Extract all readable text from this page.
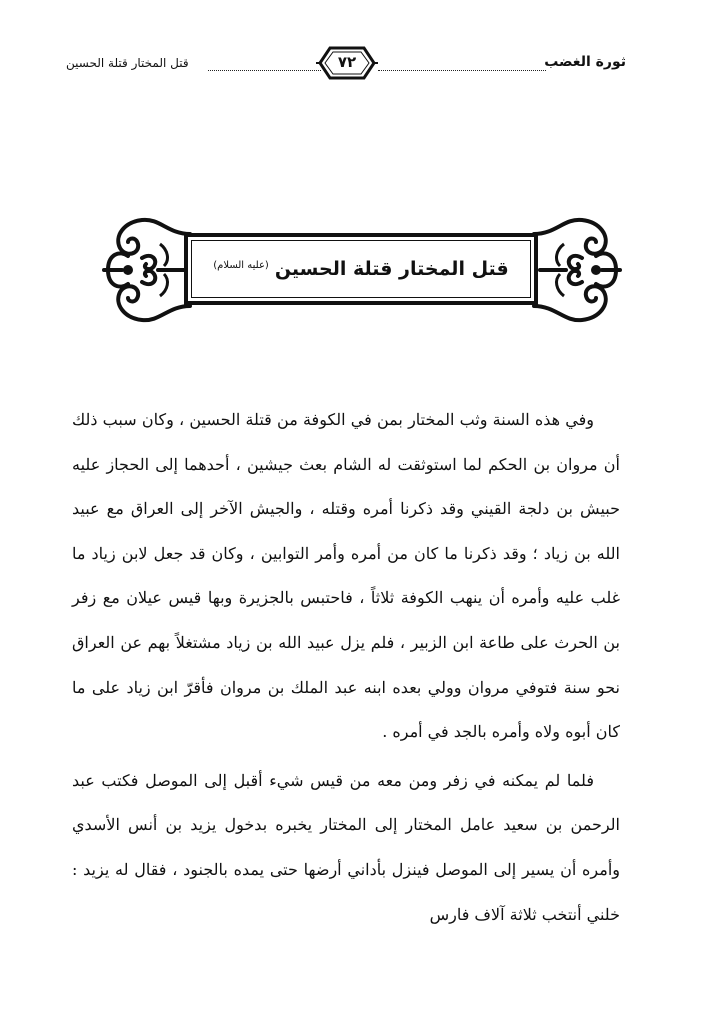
ثورة الغضب
٧٢
قتل المختار قتلة الحسين
قتل المختار قتلة الحسين
(عليه السلام)

وفي هذه السنة وثب المختار بمن في الكوفة من قتلة الحسين ، وكان سبب ذلك أن مروان بن الحكم لما استوثقت له الشام بعث جيشين ، أحدهما إلى الحجاز عليه حبيش بن دلجة القيني وقد ذكرنا أمره وقتله ، والجيش الآخر إلى العراق مع عبيد الله بن زياد ؛ وقد ذكرنا ما كان من أمره وأمر التوابين ، وكان قد جعل لابن زياد ما غلب عليه وأمره أن ينهب الكوفة ثلاثاً ، فاحتبس بالجزيرة وبها قيس عيلان مع زفر بن الحرث على طاعة ابن الزبير ، فلم يزل عبيد الله بن زياد مشتغلاً بهم عن العراق نحو سنة فتوفي مروان وولي بعده ابنه عبد الملك بن مروان فأقرّ ابن زياد على ما كان أبوه ولاه وأمره بالجد في أمره .

فلما لم يمكنه في زفر ومن معه من قيس شيء أقبل إلى الموصل فكتب عبد الرحمن بن سعيد عامل المختار إلى المختار يخبره بدخول يزيد بن أنس الأسدي وأمره أن يسير إلى الموصل فينزل بأداني أرضها حتى يمده بالجنود ، فقال له يزيد : خلني أنتخب ثلاثة آلاف فارس
